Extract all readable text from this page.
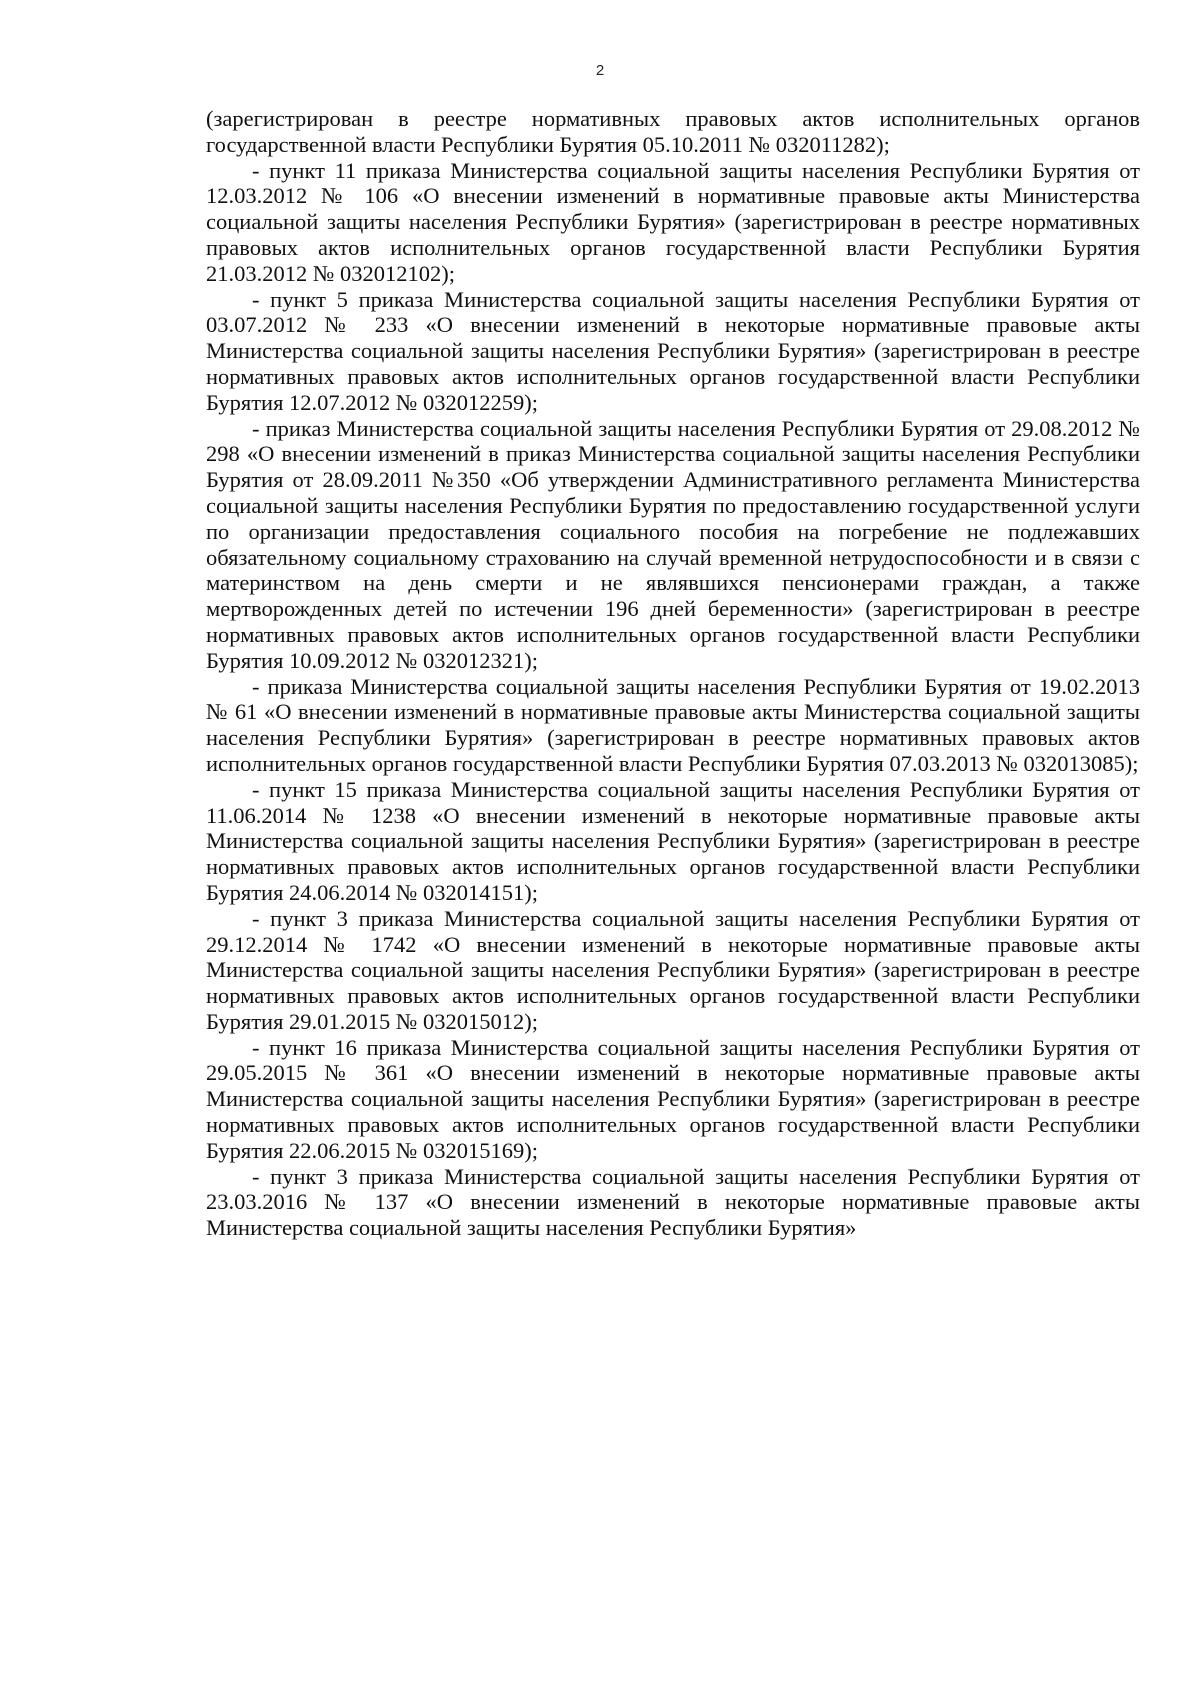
2

(зарегистрирован в реестре нормативных правовых актов исполнительных органов государственной власти Республики Бурятия 05.10.2011 № 032011282);

- пункт 11 приказа Министерства социальной защиты населения Республики Бурятия от 12.03.2012 № 106 «О внесении изменений в нормативные правовые акты Министерства социальной защиты населения Республики Бурятия» (зарегистрирован в реестре нормативных правовых актов исполнительных органов государственной власти Республики Бурятия 21.03.2012 № 032012102);

- пункт 5 приказа Министерства социальной защиты населения Республики Бурятия от 03.07.2012 № 233 «О внесении изменений в некоторые нормативные правовые акты Министерства социальной защиты населения Республики Бурятия» (зарегистрирован в реестре нормативных правовых актов исполнительных органов государственной власти Республики Бурятия 12.07.2012 № 032012259);

- приказ Министерства социальной защиты населения Республики Бурятия от 29.08.2012 № 298 «О внесении изменений в приказ Министерства социальной защиты населения Республики Бурятия от 28.09.2011 №350 «Об утверждении Административного регламента Министерства социальной защиты населения Республики Бурятия по предоставлению государственной услуги по организации предоставления социального пособия на погребение не подлежавших обязательному социальному страхованию на случай временной нетрудоспособности и в связи с материнством на день смерти и не являвшихся пенсионерами граждан, а также мертворожденных детей по истечении 196 дней беременности» (зарегистрирован в реестре нормативных правовых актов исполнительных органов государственной власти Республики Бурятия 10.09.2012 № 032012321);

- приказа Министерства социальной защиты населения Республики Бурятия от 19.02.2013 № 61 «О внесении изменений в нормативные правовые акты Министерства социальной защиты населения Республики Бурятия» (зарегистрирован в реестре нормативных правовых актов исполнительных органов государственной власти Республики Бурятия 07.03.2013 № 032013085);

- пункт 15 приказа Министерства социальной защиты населения Республики Бурятия от 11.06.2014 № 1238 «О внесении изменений в некоторые нормативные правовые акты Министерства социальной защиты населения Республики Бурятия» (зарегистрирован в реестре нормативных правовых актов исполнительных органов государственной власти Республики Бурятия 24.06.2014 № 032014151);

- пункт 3 приказа Министерства социальной защиты населения Республики Бурятия от 29.12.2014 № 1742 «О внесении изменений в некоторые нормативные правовые акты Министерства социальной защиты населения Республики Бурятия» (зарегистрирован в реестре нормативных правовых актов исполнительных органов государственной власти Республики Бурятия 29.01.2015 № 032015012);

- пункт 16 приказа Министерства социальной защиты населения Республики Бурятия от 29.05.2015 № 361 «О внесении изменений в некоторые нормативные правовые акты Министерства социальной защиты населения Республики Бурятия» (зарегистрирован в реестре нормативных правовых актов исполнительных органов государственной власти Республики Бурятия 22.06.2015 № 032015169);

- пункт 3 приказа Министерства социальной защиты населения Республики Бурятия от 23.03.2016 № 137 «О внесении изменений в некоторые нормативные правовые акты Министерства социальной защиты населения Республики Бурятия»
